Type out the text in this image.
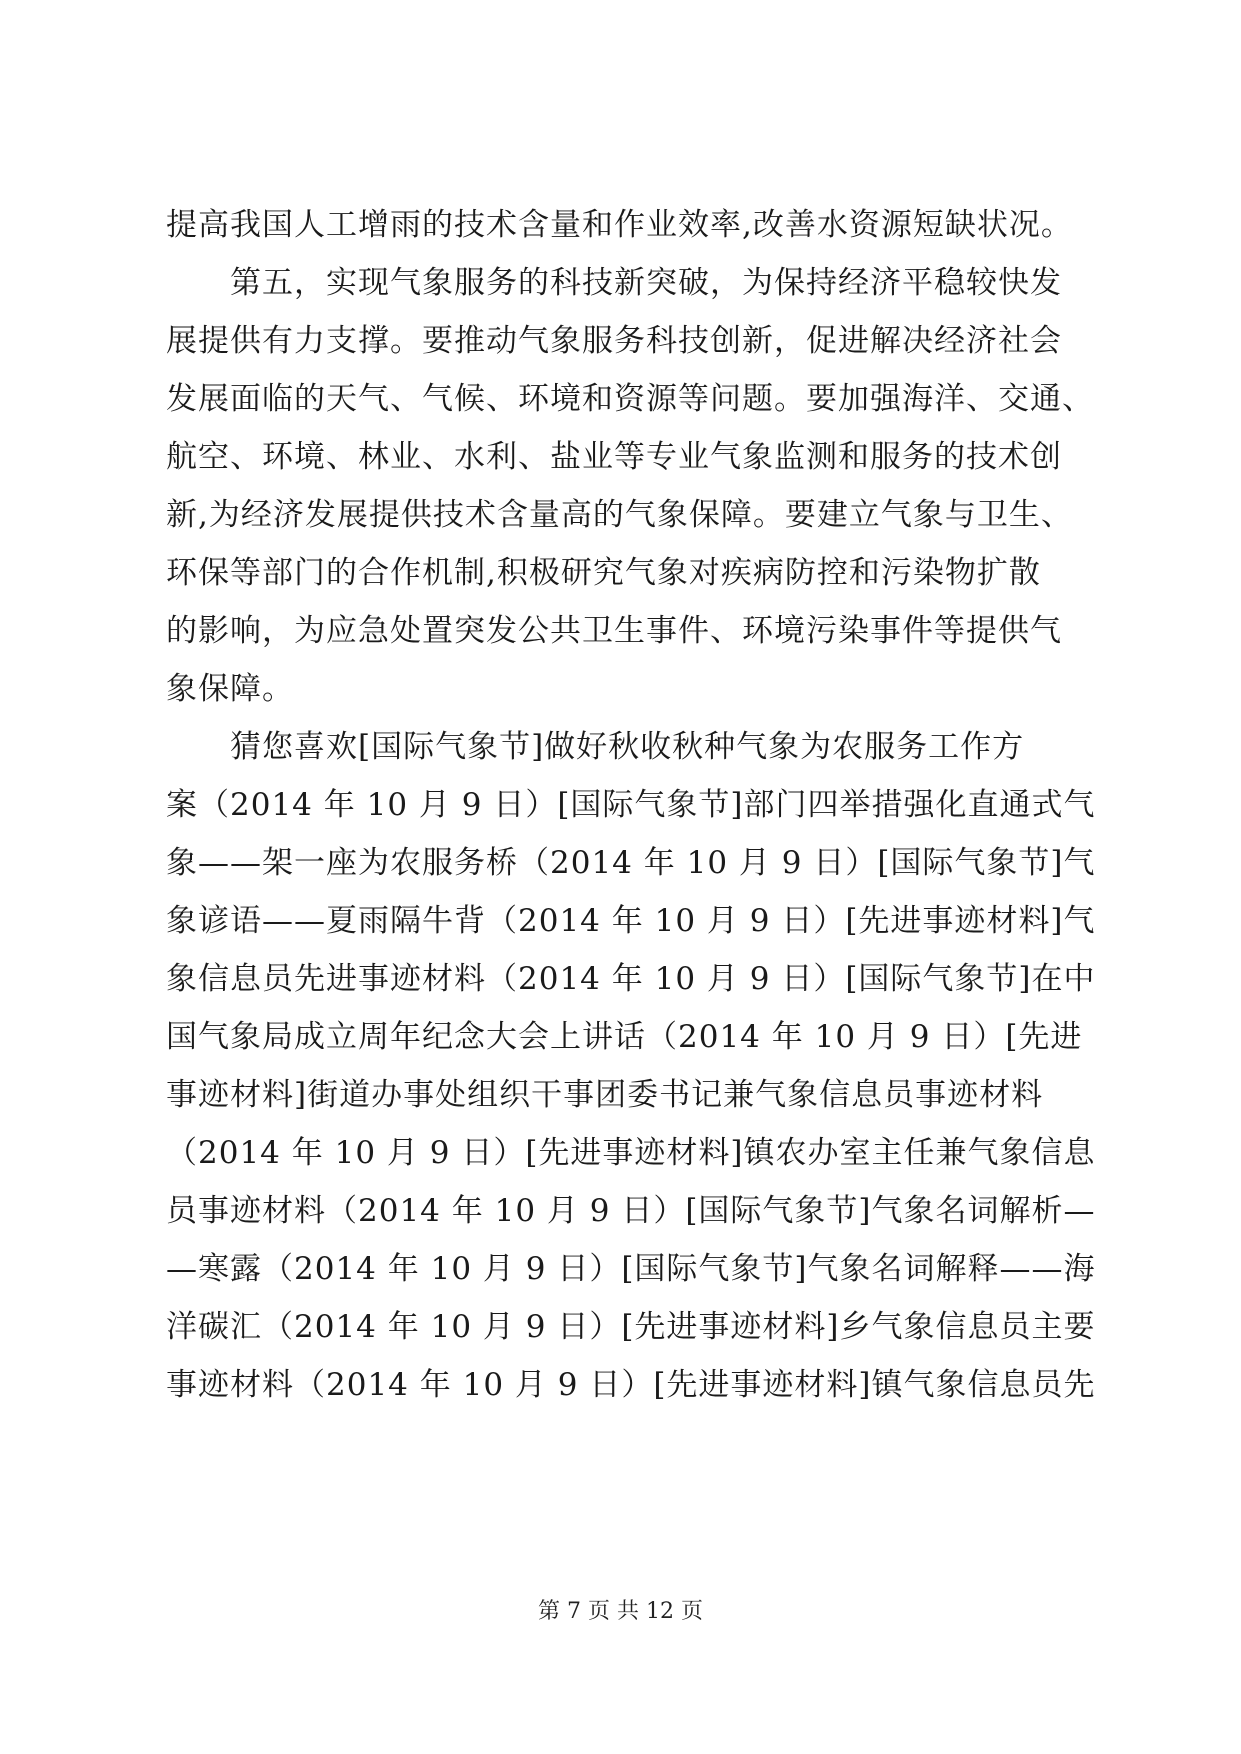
提高我国人工增雨的技术含量和作业效率,改善水资源短缺状况。
　　第五，实现气象服务的科技新突破，为保持经济平稳较快发
展提供有力支撑。要推动气象服务科技创新，促进解决经济社会
发展面临的天气、气候、环境和资源等问题。要加强海洋、交通、
航空、环境、林业、水利、盐业等专业气象监测和服务的技术创
新,为经济发展提供技术含量高的气象保障。要建立气象与卫生、
环保等部门的合作机制,积极研究气象对疾病防控和污染物扩散
的影响，为应急处置突发公共卫生事件、环境污染事件等提供气
象保障。
　　猜您喜欢[国际气象节]做好秋收秋种气象为农服务工作方
案（2014 年 10 月 9 日）[国际气象节]部门四举措强化直通式气
象——架一座为农服务桥（2014 年 10 月 9 日）[国际气象节]气
象谚语——夏雨隔牛背（2014 年 10 月 9 日）[先进事迹材料]气
象信息员先进事迹材料（2014 年 10 月 9 日）[国际气象节]在中
国气象局成立周年纪念大会上讲话（2014 年 10 月 9 日）[先进
事迹材料]街道办事处组织干事团委书记兼气象信息员事迹材料
（2014 年 10 月 9 日）[先进事迹材料]镇农办室主任兼气象信息
员事迹材料（2014 年 10 月 9 日）[国际气象节]气象名词解析—
—寒露（2014 年 10 月 9 日）[国际气象节]气象名词解释——海
洋碳汇（2014 年 10 月 9 日）[先进事迹材料]乡气象信息员主要
事迹材料（2014 年 10 月 9 日）[先进事迹材料]镇气象信息员先
第 7 页 共 12 页
